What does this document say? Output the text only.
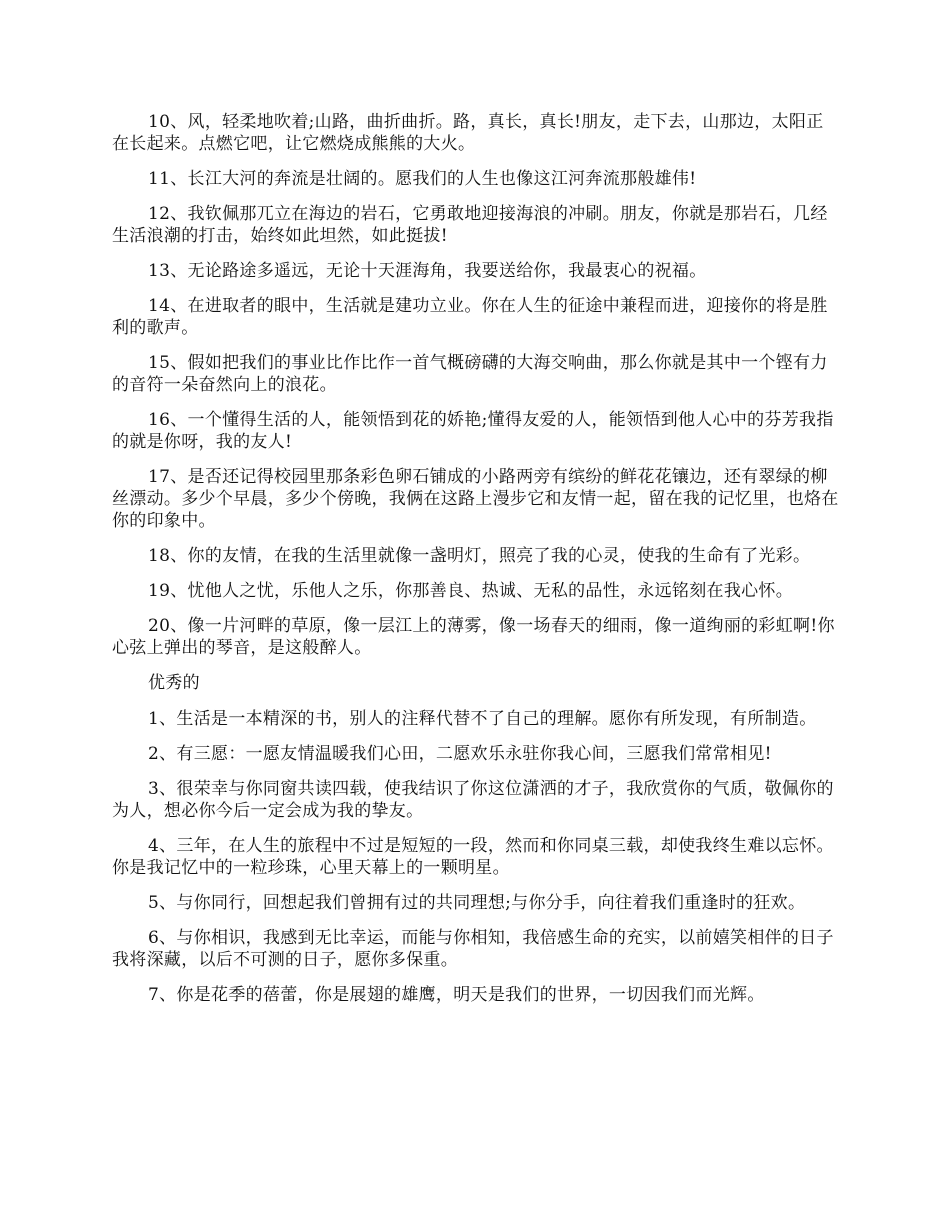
10、风，轻柔地吹着;山路，曲折曲折。路，真长，真长!朋友，走下去，山那边，太阳正在长起来。点燃它吧，让它燃烧成熊熊的大火。

11、长江大河的奔流是壮阔的。愿我们的人生也像这江河奔流那般雄伟!

12、我钦佩那兀立在海边的岩石，它勇敢地迎接海浪的冲刷。朋友，你就是那岩石，几经生活浪潮的打击，始终如此坦然，如此挺拔!

13、无论路途多遥远，无论十天涯海角，我要送给你，我最衷心的祝福。

14、在进取者的眼中，生活就是建功立业。你在人生的征途中兼程而进，迎接你的将是胜利的歌声。

15、假如把我们的事业比作比作一首气概磅礴的大海交响曲，那么你就是其中一个铿有力的音符一朵奋然向上的浪花。

16、一个懂得生活的人，能领悟到花的娇艳;懂得友爱的人，能领悟到他人心中的芬芳我指的就是你呀，我的友人!

17、是否还记得校园里那条彩色卵石铺成的小路两旁有缤纷的鲜花花镶边，还有翠绿的柳丝漂动。多少个早晨，多少个傍晚，我俩在这路上漫步它和友情一起，留在我的记忆里，也烙在你的印象中。

18、你的友情，在我的生活里就像一盏明灯，照亮了我的心灵，使我的生命有了光彩。

19、忧他人之忧，乐他人之乐，你那善良、热诚、无私的品性，永远铭刻在我心怀。

20、像一片河畔的草原，像一层江上的薄雾，像一场春天的细雨，像一道绚丽的彩虹啊!你心弦上弹出的琴音，是这般醉人。

优秀的

1、生活是一本精深的书，别人的注释代替不了自己的理解。愿你有所发现，有所制造。

2、有三愿：一愿友情温暖我们心田，二愿欢乐永驻你我心间，三愿我们常常相见!

3、很荣幸与你同窗共读四载，使我结识了你这位潇洒的才子，我欣赏你的气质，敬佩你的为人，想必你今后一定会成为我的挚友。

4、三年，在人生的旅程中不过是短短的一段，然而和你同桌三载，却使我终生难以忘怀。你是我记忆中的一粒珍珠，心里天幕上的一颗明星。

5、与你同行，回想起我们曾拥有过的共同理想;与你分手，向往着我们重逢时的狂欢。

6、与你相识，我感到无比幸运，而能与你相知，我倍感生命的充实，以前嬉笑相伴的日子我将深藏，以后不可测的日子，愿你多保重。

7、你是花季的蓓蕾，你是展翅的雄鹰，明天是我们的世界，一切因我们而光辉。
